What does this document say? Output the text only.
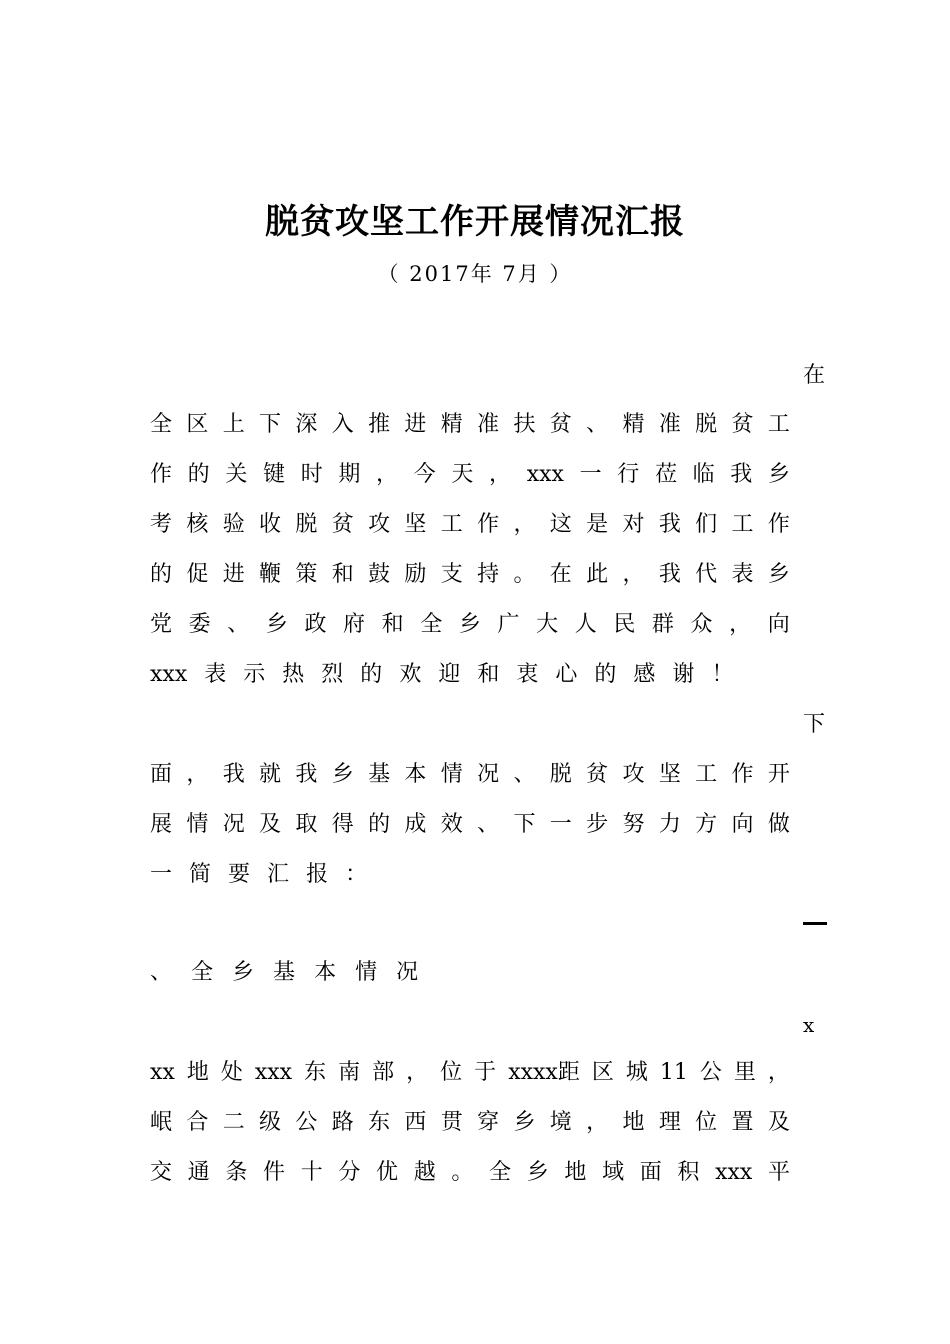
脱贫攻坚工作开展情况汇报
（ 2017年 7月 ）
在
全 区 上 下 深 入 推 进 精 准 扶 贫 、 精 准 脱 贫 工
作 的 关 键 时 期 ， 今 天 ， xxx 一 行 莅 临 我 乡
考 核 验 收 脱 贫 攻 坚 工 作 ， 这 是 对 我 们 工 作
的 促 进 鞭 策 和 鼓 励 支 持 。 在 此 ， 我 代 表 乡
党 委 、 乡 政 府 和 全 乡 广 大 人 民 群 众 ， 向
xxx 表 示 热 烈 的 欢 迎 和 衷 心 的 感 谢 ！
下
面 ， 我 就 我 乡 基 本 情 况 、 脱 贫 攻 坚 工 作 开
展 情 况 及 取 得 的 成 效 、 下 一 步 努 力 方 向 做
一 简 要 汇 报 ：
、 全 乡 基 本 情 况
x
xx 地 处 xxx 东 南 部 ， 位 于 xxxx距 区 城 11 公 里 ，
岷 合 二 级 公 路 东 西 贯 穿 乡 境 ， 地 理 位 置 及
交 通 条 件 十 分 优 越 。 全 乡 地 域 面 积 xxx 平
